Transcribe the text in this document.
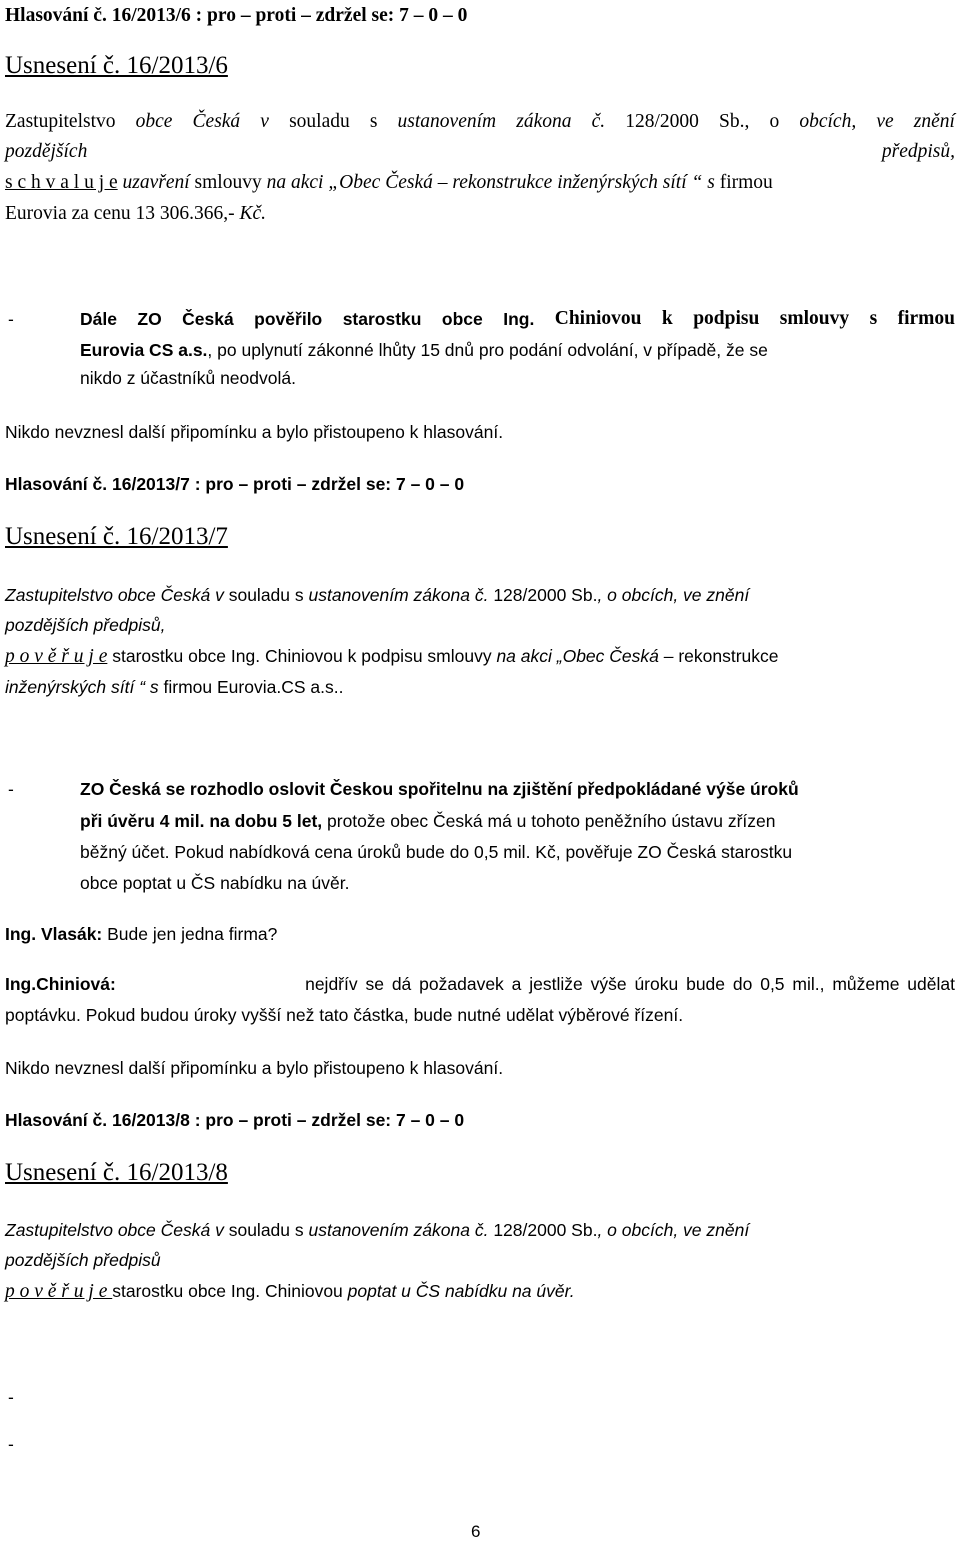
Hlasování č. 16/2013/6 : pro – proti – zdržel se: 7 – 0 – 0
Usnesení č. 16/2013/6
Zastupitelstvo obce Česká v souladu s ustanovením zákona č. 128/2000 Sb., o obcích, ve znění
pozdějších	předpisů,
s c h v a l u j e uzavření smlouvy na akci „Obec Česká – rekonstrukce inženýrských sítí “ s firmou
Eurovia za cenu 13 306.366,- Kč.
-	Dále ZO Česká pověřilo starostku obce Ing. Chiniovou k podpisu smlouvy s firmou
Eurovia CS a.s., po uplynutí zákonné lhůty 15 dnů pro podání odvolání, v případě, že se
nikdo z účastníků neodvolá.
Nikdo nevznesl další připomínku a bylo přistoupeno k hlasování.
Hlasování č. 16/2013/7 : pro – proti – zdržel se: 7 – 0 – 0
Usnesení č. 16/2013/7
Zastupitelstvo obce Česká v souladu s ustanovením zákona č. 128/2000 Sb., o obcích, ve znění
pozdějších předpisů,
p o v ě ř u j e starostku obce Ing. Chiniovou k podpisu smlouvy na akci „Obec Česká – rekonstrukce
inženýrských sítí “ s firmou Eurovia.CS a.s..
-	ZO Česká se rozhodlo oslovit Českou spořitelnu na zjištění předpokládané výše úroků
při úvěru 4 mil. na dobu 5 let, protože obec Česká má u tohoto peněžního ústavu zřízen
běžný účet. Pokud nabídková cena úroků bude do 0,5 mil. Kč, pověřuje ZO Česká starostku
obce poptat u ČS nabídku na úvěr.
Ing. Vlasák: Bude jen jedna firma?
Ing.Chiniová:	nejdřív se dá požadavek a jestliže výše úroku bude do 0,5 mil., můžeme udělat
poptávku. Pokud budou úroky vyšší než tato částka, bude nutné udělat výběrové řízení.
Nikdo nevznesl další připomínku a bylo přistoupeno k hlasování.
Hlasování č. 16/2013/8 : pro – proti – zdržel se: 7 – 0 – 0
Usnesení č. 16/2013/8
Zastupitelstvo obce Česká v souladu s ustanovením zákona č. 128/2000 Sb., o obcích, ve znění
pozdějších předpisů
p o v ě ř u j e starostku obce Ing. Chiniovou poptat u ČS nabídku na úvěr.
-
-
6
